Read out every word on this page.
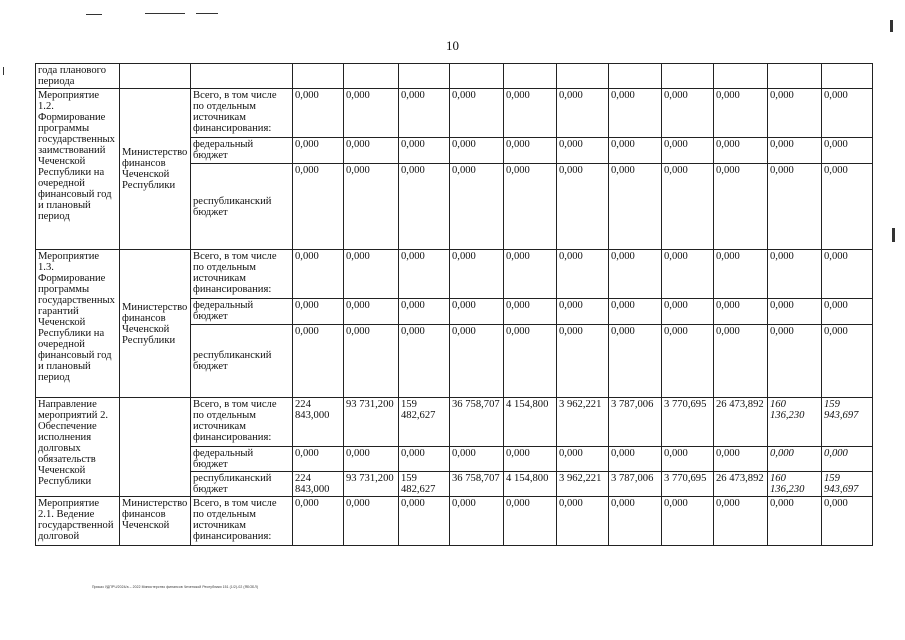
10
года планового периода													
Мероприятие 1.2. Формирование программы государственных заимствований Чеченской Республики на очередной финансовый год и плановый период	Министерство финансов Чеченской Республики	Всего, в том числе по отдельным источникам финансирования:	0,000	0,000	0,000	0,000	0,000	0,000	0,000	0,000	0,000	0,000	0,000
		федеральный бюджет	0,000	0,000	0,000	0,000	0,000	0,000	0,000	0,000	0,000	0,000	0,000
		республиканский бюджет	0,000	0,000	0,000	0,000	0,000	0,000	0,000	0,000	0,000	0,000	0,000
Мероприятие 1.3. Формирование программы государственных гарантий Чеченской Республики на очередной финансовый год и плановый период	Министерство финансов Чеченской Республики	Всего, в том числе по отдельным источникам финансирования:	0,000	0,000	0,000	0,000	0,000	0,000	0,000	0,000	0,000	0,000	0,000
		федеральный бюджет	0,000	0,000	0,000	0,000	0,000	0,000	0,000	0,000	0,000	0,000	0,000
		республиканский бюджет	0,000	0,000	0,000	0,000	0,000	0,000	0,000	0,000	0,000	0,000	0,000
Направление мероприятий 2. Обеспечение исполнения долговых обязательств Чеченской Республики		Всего, в том числе по отдельным источникам финансирования:	224 843,000	93 731,200	159 482,627	36 758,707	4 154,800	3 962,221	3 787,006	3 770,695	26 473,892	160 136,230	159 943,697
		федеральный бюджет	0,000	0,000	0,000	0,000	0,000	0,000	0,000	0,000	0,000	0,000	0,000
		республиканский бюджет	224 843,000	93 731,200	159 482,627	36 758,707	4 154,800	3 962,221	3 787,006	3 770,695	26 473,892	160 136,230	159 943,697
Мероприятие 2.1. Ведение государственной долговой	Министерство финансов Чеченской	Всего, в том числе по отдельным источникам финансирования:	0,000	0,000	0,000	0,000	0,000	0,000	0,000	0,000	0,000	0,000	0,000
Приказ УДПРЧ/2024/а – 2022 Министерство финансов Чеченской Республики 151 (1/2)-02 (ЯБОБЛ)
